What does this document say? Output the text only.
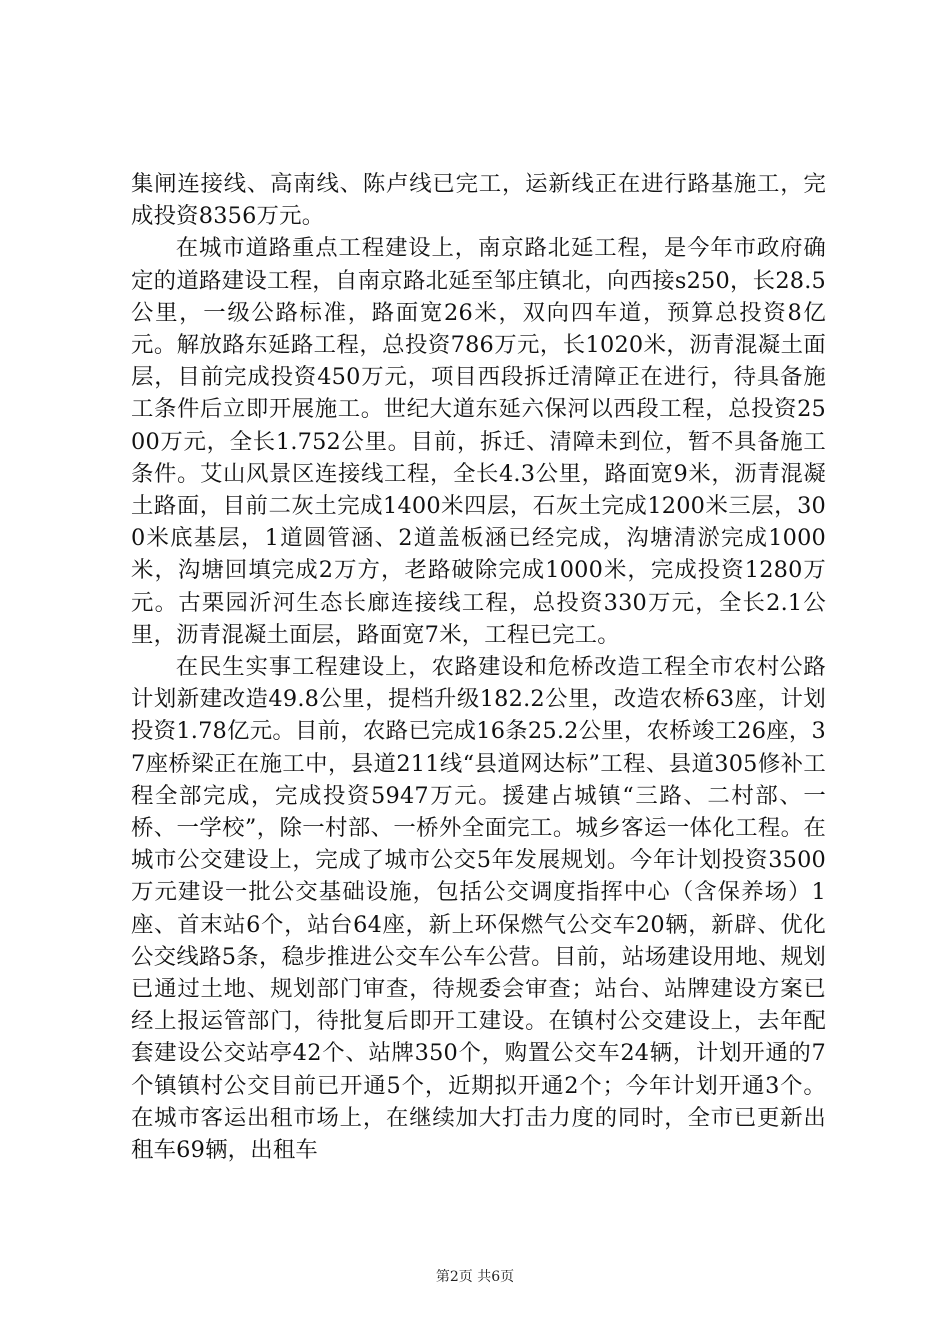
集闸连接线、高南线、陈卢线已完工，运新线正在进行路基施工，完成投资8356万元。

在城市道路重点工程建设上，南京路北延工程，是今年市政府确定的道路建设工程，自南京路北延至邹庄镇北，向西接s250，长28.5公里，一级公路标准，路面宽26米，双向四车道，预算总投资8亿元。解放路东延路工程，总投资786万元，长1020米，沥青混凝土面层，目前完成投资450万元，项目西段拆迁清障正在进行，待具备施工条件后立即开展施工。世纪大道东延六保河以西段工程，总投资2500万元，全长1.752公里。目前，拆迁、清障未到位，暂不具备施工条件。艾山风景区连接线工程，全长4.3公里，路面宽9米，沥青混凝土路面，目前二灰土完成1400米四层，石灰土完成1200米三层，300米底基层，1道圆管涵、2道盖板涵已经完成，沟塘清淤完成1000米，沟塘回填完成2万方，老路破除完成1000米，完成投资1280万元。古栗园沂河生态长廊连接线工程，总投资330万元，全长2.1公里，沥青混凝土面层，路面宽7米，工程已完工。

在民生实事工程建设上，农路建设和危桥改造工程全市农村公路计划新建改造49.8公里，提档升级182.2公里，改造农桥63座，计划投资1.78亿元。目前，农路已完成16条25.2公里，农桥竣工26座，37座桥梁正在施工中，县道211线“县道网达标”工程、县道305修补工程全部完成，完成投资5947万元。援建占城镇“三路、二村部、一桥、一学校”，除一村部、一桥外全面完工。城乡客运一体化工程。在城市公交建设上，完成了城市公交5年发展规划。今年计划投资3500万元建设一批公交基础设施，包括公交调度指挥中心（含保养场）1座、首末站6个，站台64座，新上环保燃气公交车20辆，新辟、优化公交线路5条，稳步推进公交车公车公营。目前，站场建设用地、规划已通过土地、规划部门审查，待规委会审查；站台、站牌建设方案已经上报运管部门，待批复后即开工建设。在镇村公交建设上，去年配套建设公交站亭42个、站牌350个，购置公交车24辆，计划开通的7个镇镇村公交目前已开通5个，近期拟开通2个；今年计划开通3个。在城市客运出租市场上，在继续加大打击力度的同时，全市已更新出租车69辆，出租车

第2页 共6页
